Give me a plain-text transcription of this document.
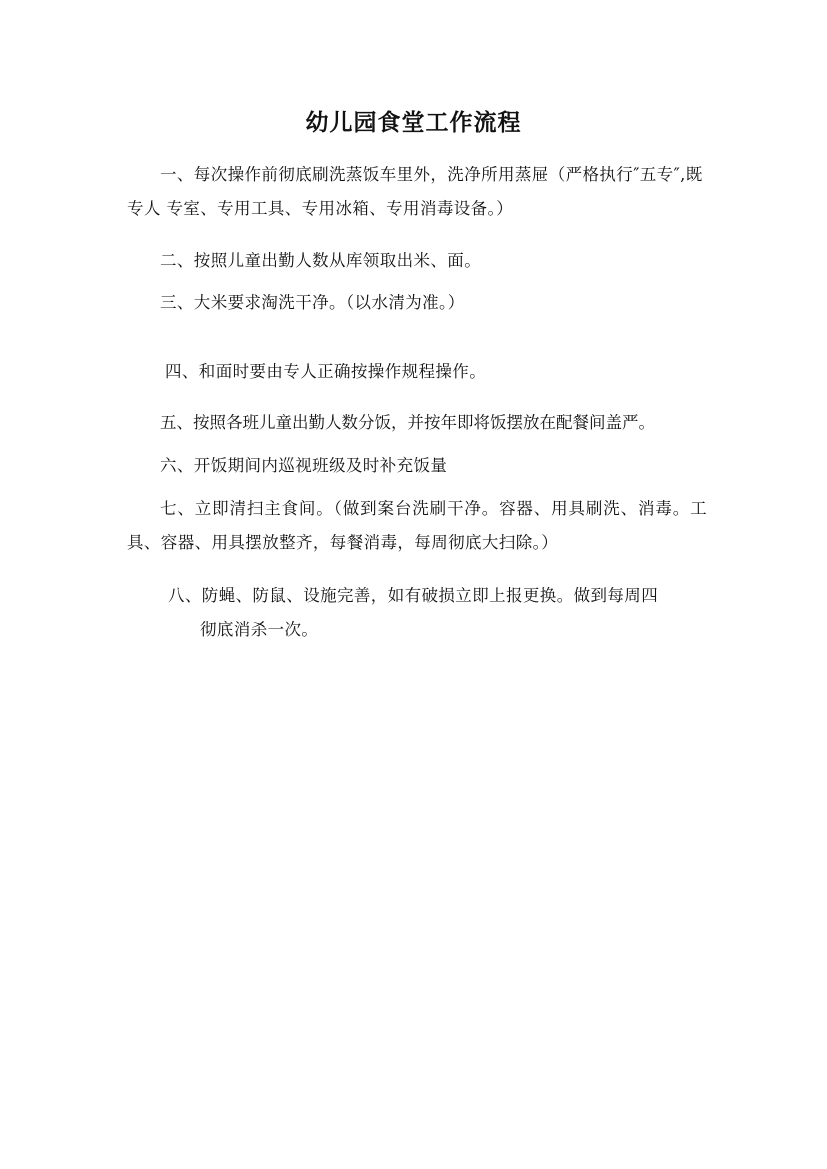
幼儿园食堂工作流程

一、每次操作前彻底刷洗蒸饭车里外，洗净所用蒸屉（严格执行″五专″,既专人 专室、专用工具、专用冰箱、专用消毒设备。）

二、按照儿童出勤人数从库领取出米、面。

三、大米要求淘洗干净。（以水清为准。）

四、和面时要由专人正确按操作规程操作。

五、按照各班儿童出勤人数分饭，并按年即将饭摆放在配餐间盖严。

六、开饭期间内巡视班级及时补充饭量

七、立即清扫主食间。（做到案台洗刷干净。容器、用具刷洗、消毒。工具、容器、用具摆放整齐，每餐消毒，每周彻底大扫除。）

八、防蝇、防鼠、设施完善，如有破损立即上报更换。做到每周四
彻底消杀一次。
